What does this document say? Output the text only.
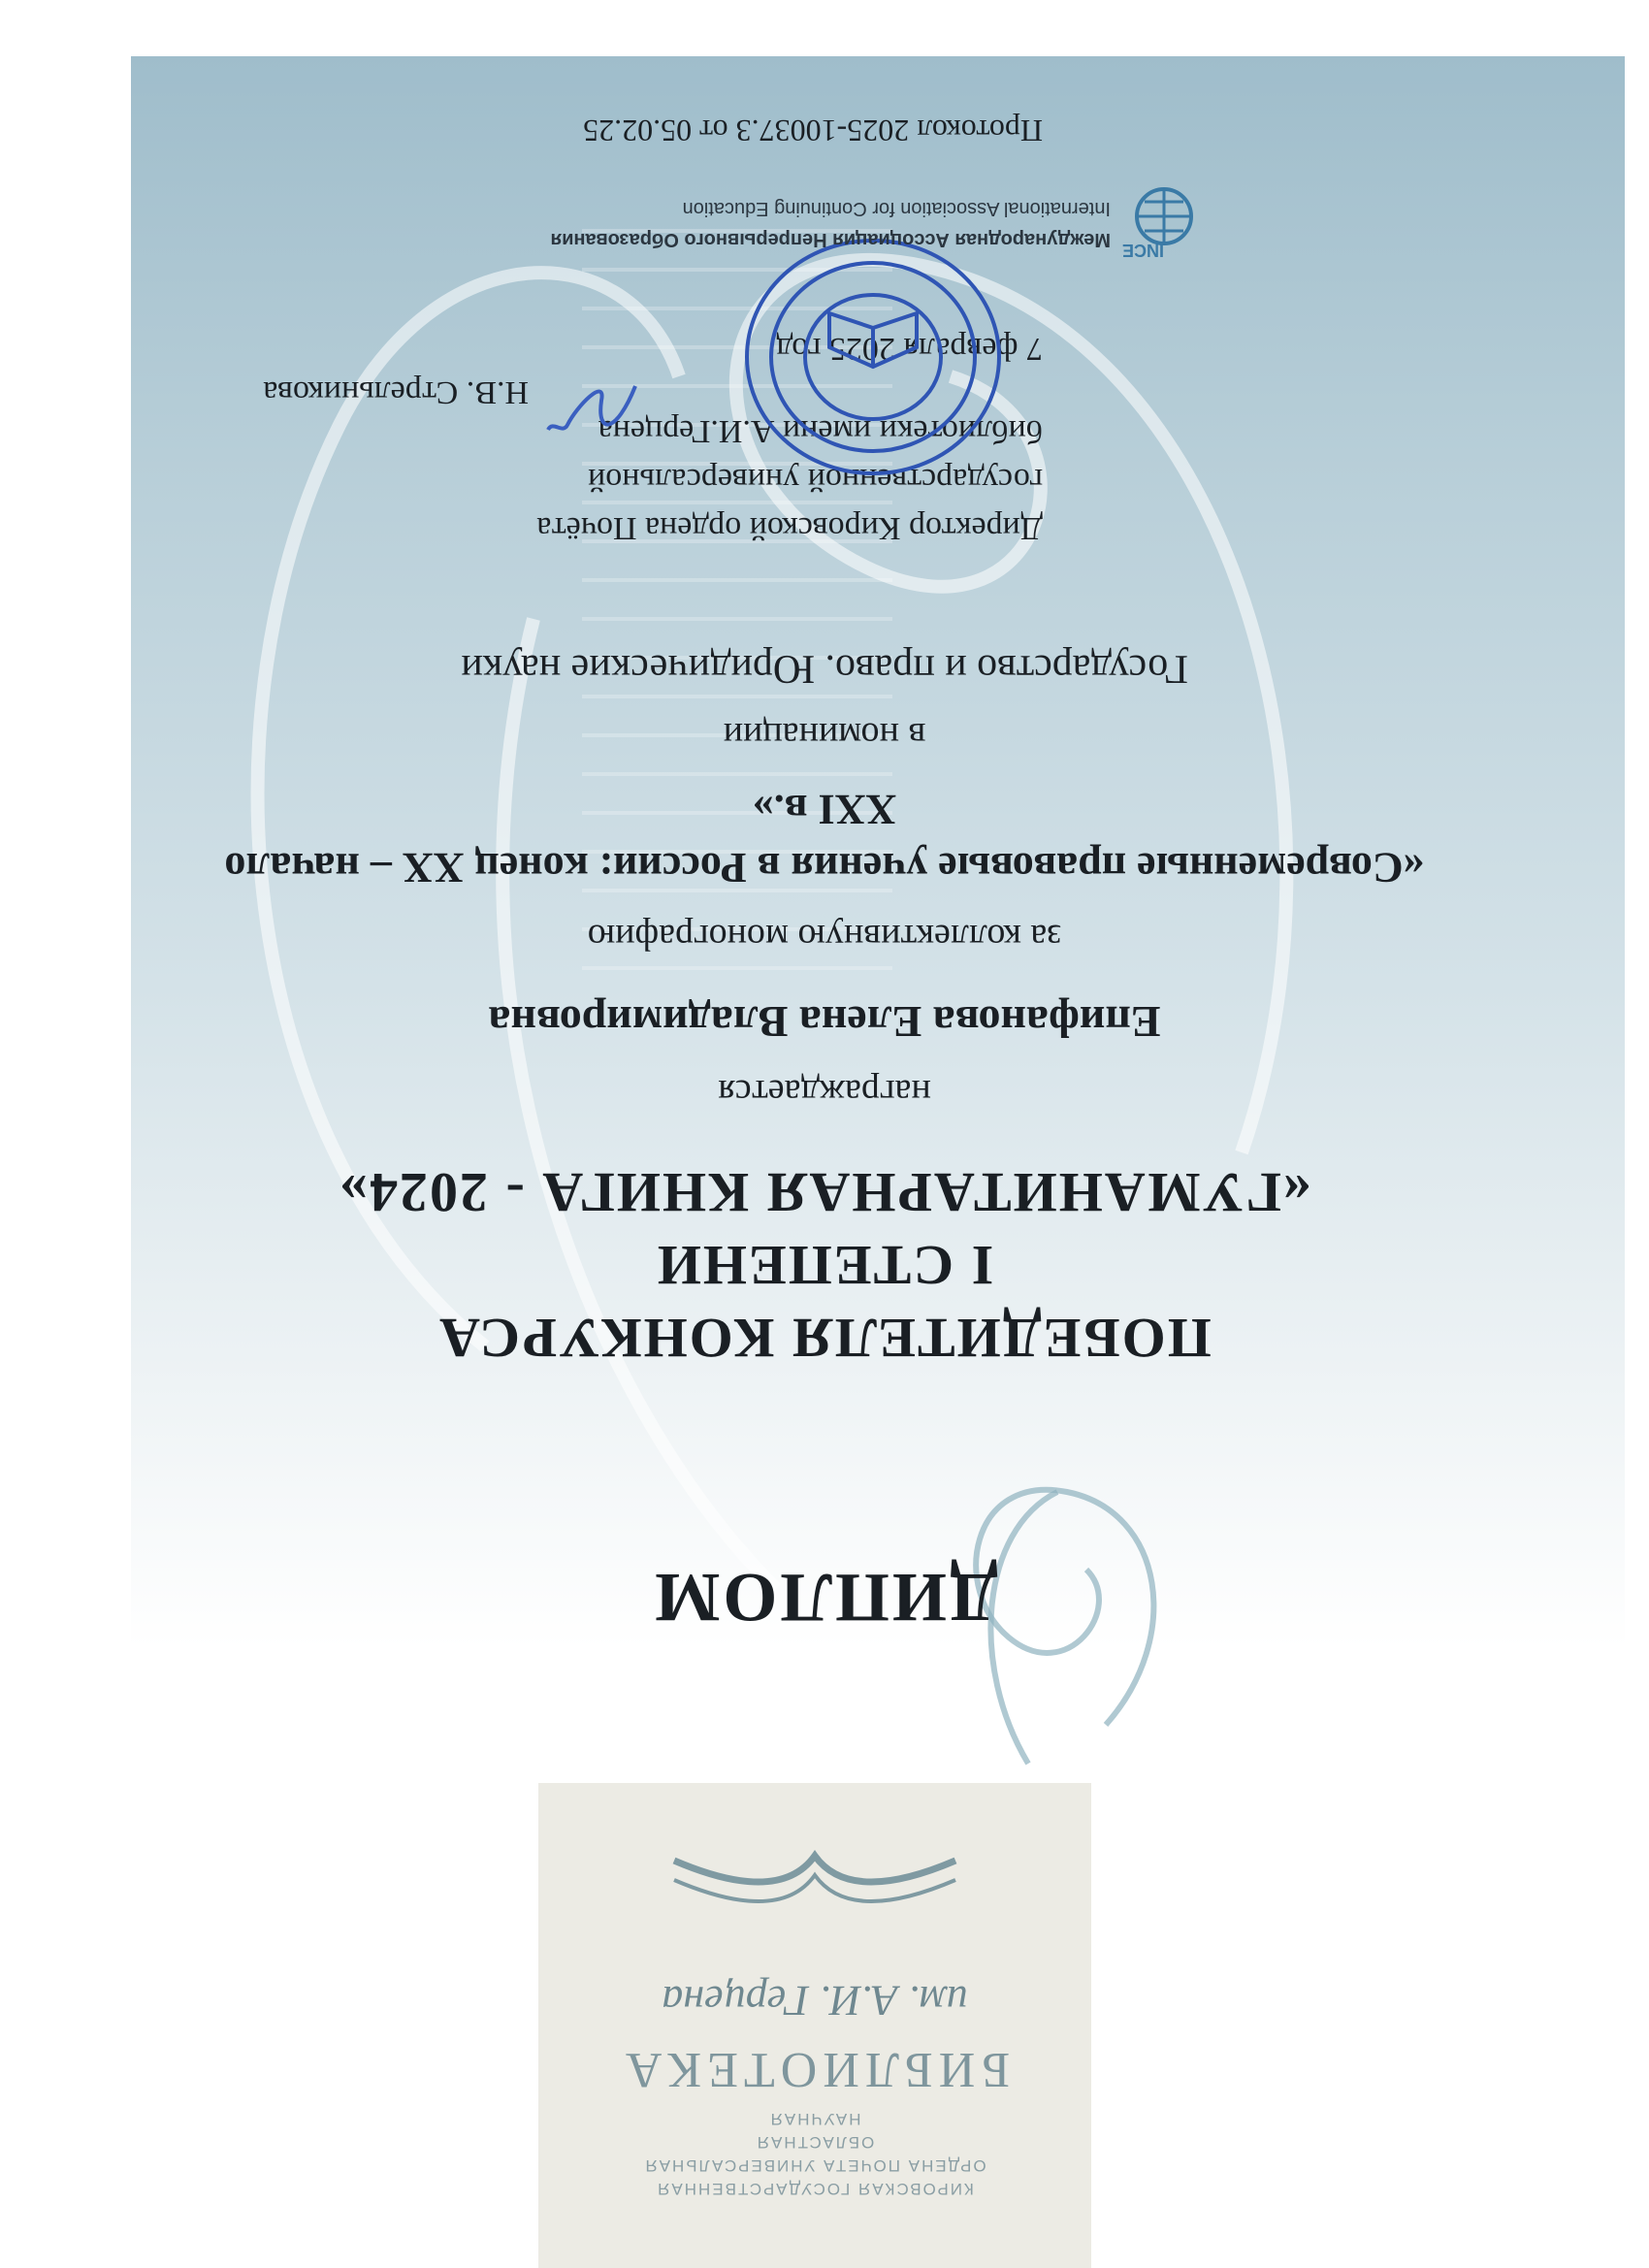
КИРОВСКАЯ ГОСУДАРСТВЕННАЯ
ОРДЕНА ПОЧЕТА УНИВЕРСАЛЬНАЯ
ОБЛАСТНАЯ
НАУЧНАЯ
БИБЛИОТЕКА
им. А.И. Герцена
ДИПЛОМ
ПОБЕДИТЕЛЯ КОНКУРСА
I СТЕПЕНИ
«ГУМАНИТАРНАЯ КНИГА - 2024»
награждается
Епифанова Елена Владимировна
за коллективную монографию
«Современные правовые учения в России: конец XX – начало
XXI в.»
в номинации
Государство и право. Юридические науки
Директор Кировской ордена Почёта
государственной универсальной
библиотеки имени А.И.Герцена
Н.В. Стрельникова
7 февраля 2025 год
INCE
Международная Ассоциация Непрерывного Образования
International Association for Continuing Education
Протокол 2025-10037.3 от 05.02.25
